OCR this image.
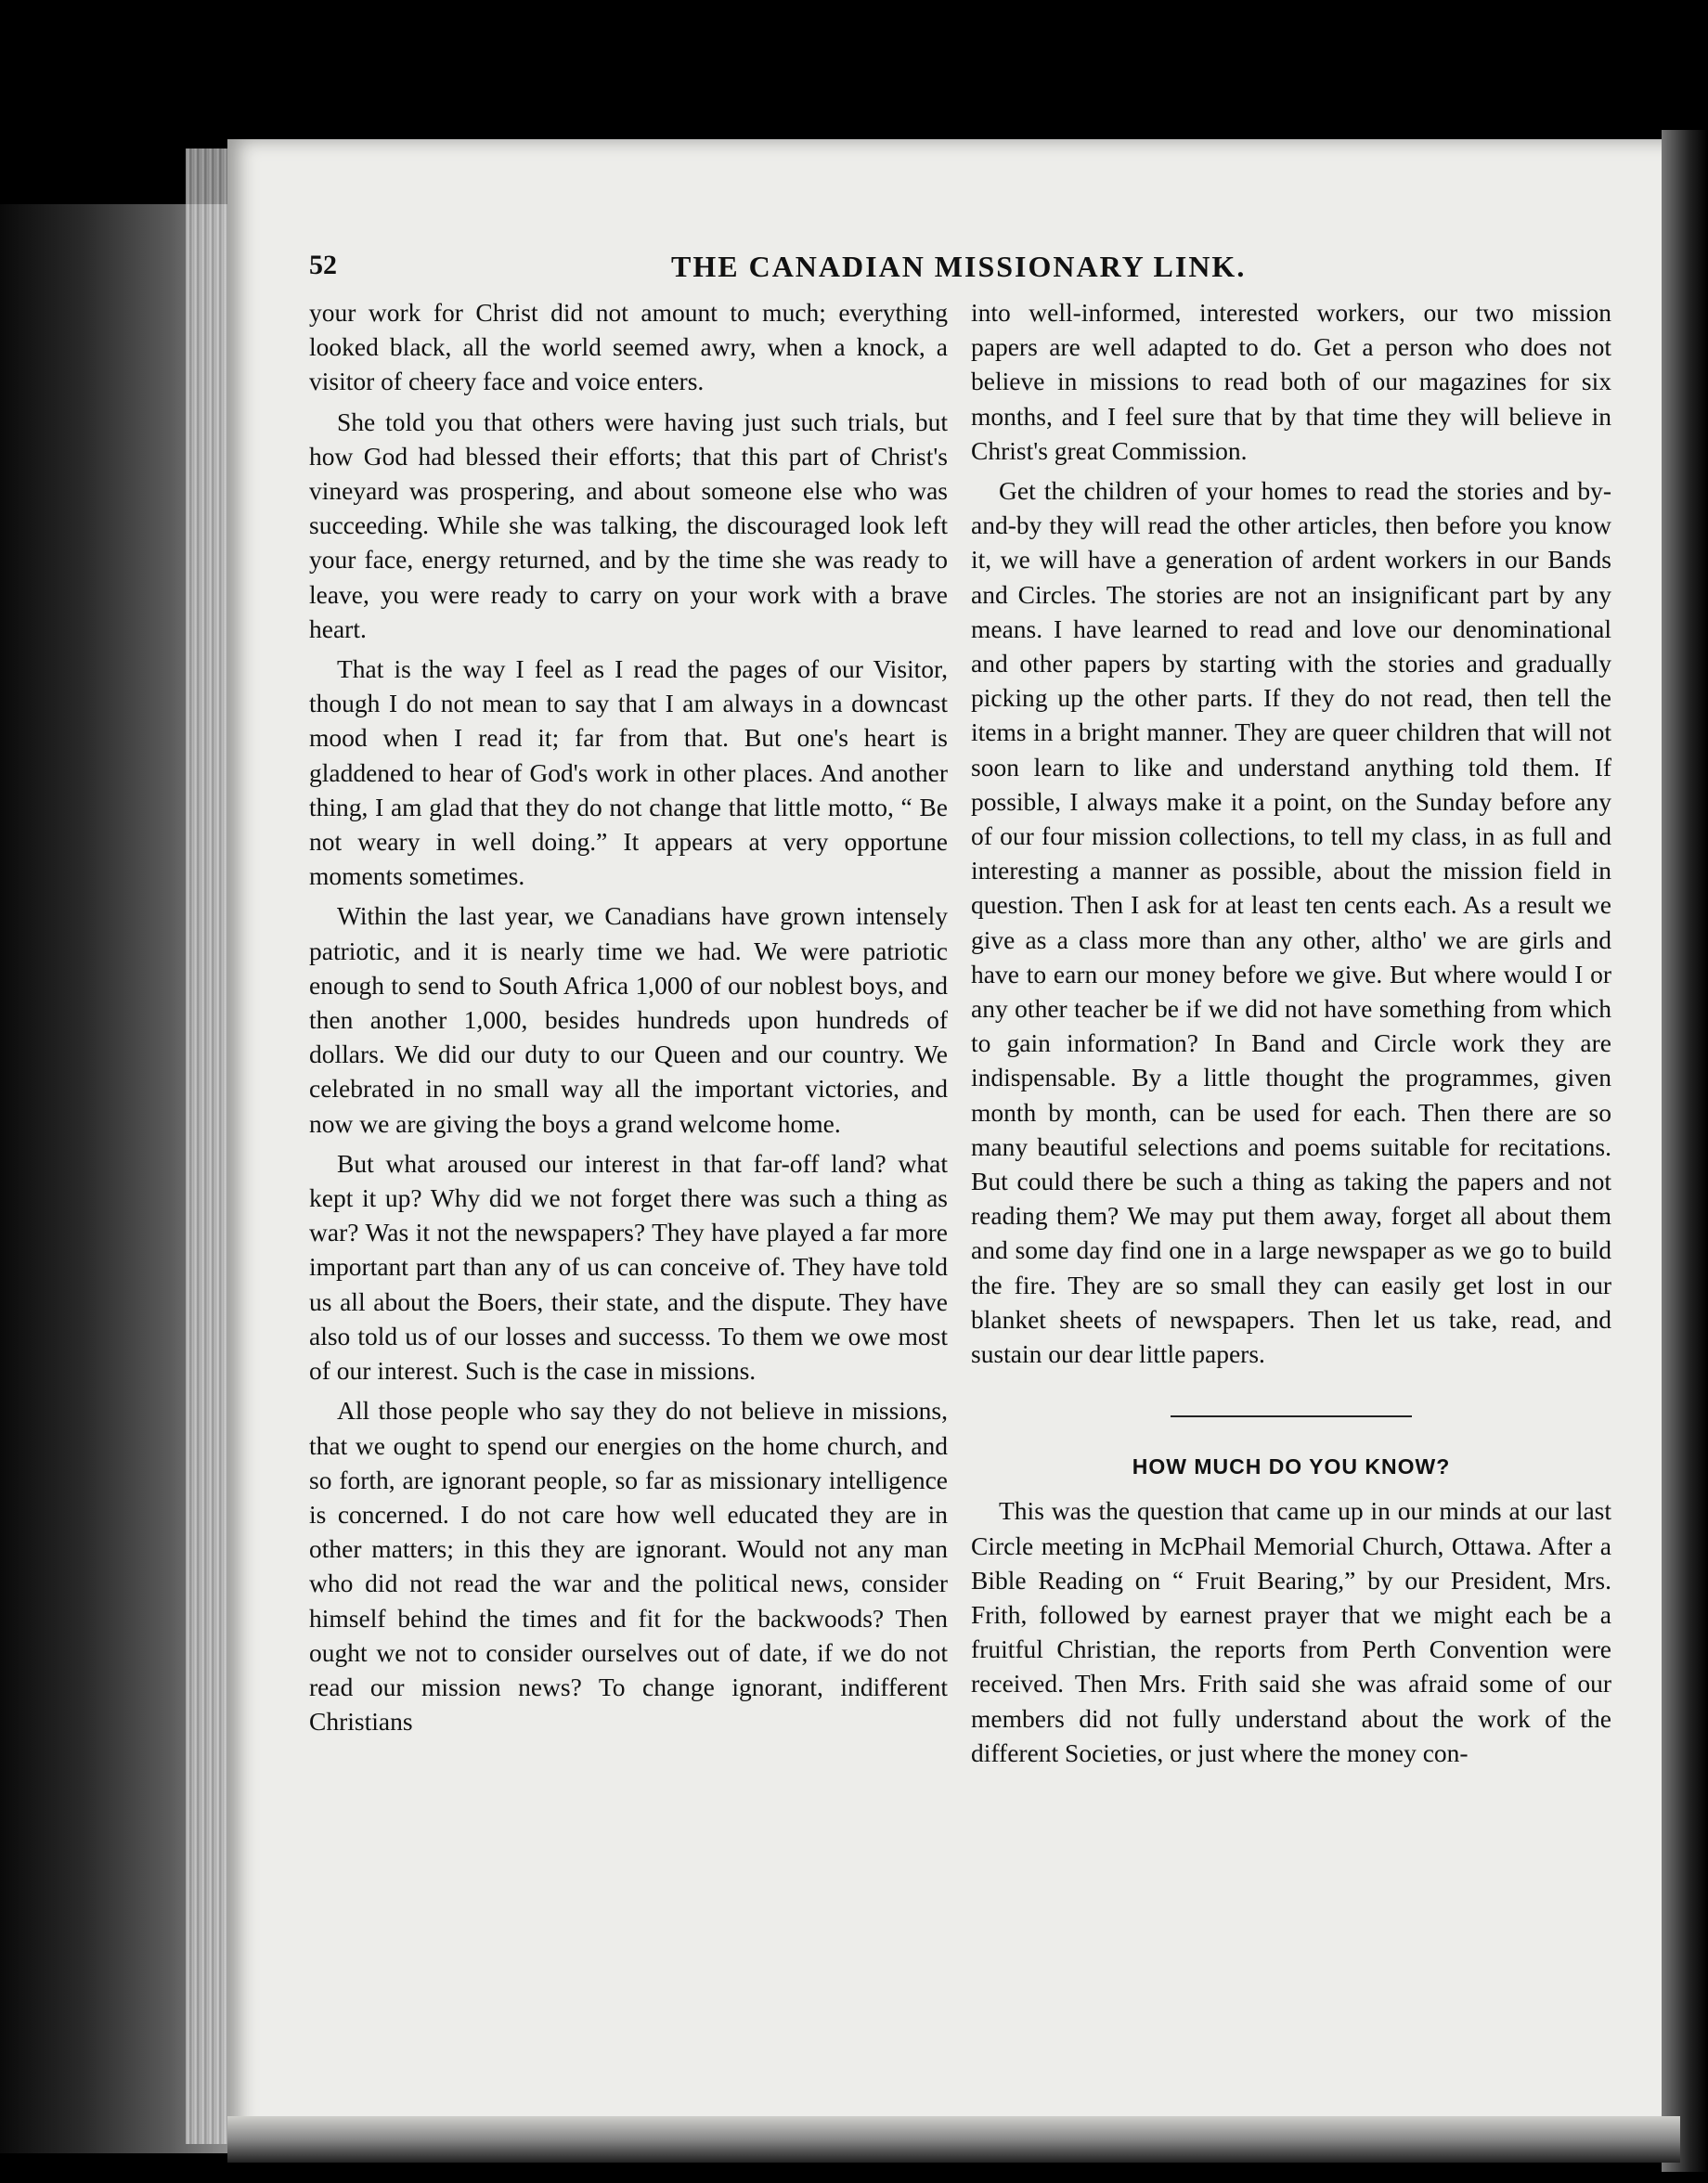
52	THE CANADIAN MISSIONARY LINK.

your work for Christ did not amount to much; everything looked black, all the world seemed awry, when a knock, a visitor of cheery face and voice enters.

She told you that others were having just such trials, but how God had blessed their efforts; that this part of Christ's vineyard was prospering, and about someone else who was succeeding. While she was talking, the discouraged look left your face, energy returned, and by the time she was ready to leave, you were ready to carry on your work with a brave heart.

That is the way I feel as I read the pages of our Visitor, though I do not mean to say that I am always in a downcast mood when I read it; far from that. But one's heart is gladdened to hear of God's work in other places. And another thing, I am glad that they do not change that little motto, “ Be not weary in well doing.” It appears at very opportune moments sometimes.

Within the last year, we Canadians have grown intensely patriotic, and it is nearly time we had. We were patriotic enough to send to South Africa 1,000 of our noblest boys, and then another 1,000, besides hundreds upon hundreds of dollars. We did our duty to our Queen and our country. We celebrated in no small way all the important victories, and now we are giving the boys a grand welcome home.

But what aroused our interest in that far-off land? what kept it up? Why did we not forget there was such a thing as war? Was it not the newspapers? They have played a far more important part than any of us can conceive of. They have told us all about the Boers, their state, and the dispute. They have also told us of our losses and successs. To them we owe most of our interest. Such is the case in missions.

All those people who say they do not believe in missions, that we ought to spend our energies on the home church, and so forth, are ignorant people, so far as missionary intelligence is concerned. I do not care how well educated they are in other matters; in this they are ignorant. Would not any man who did not read the war and the political news, consider himself behind the times and fit for the backwoods? Then ought we not to consider ourselves out of date, if we do not read our mission news? To change ignorant, indifferent Christians

into well-informed, interested workers, our two mission papers are well adapted to do. Get a person who does not believe in missions to read both of our magazines for six months, and I feel sure that by that time they will believe in Christ's great Commission.

Get the children of your homes to read the stories and by-and-by they will read the other articles, then before you know it, we will have a generation of ardent workers in our Bands and Circles. The stories are not an insignificant part by any means. I have learned to read and love our denominational and other papers by starting with the stories and gradually picking up the other parts. If they do not read, then tell the items in a bright manner. They are queer children that will not soon learn to like and understand anything told them. If possible, I always make it a point, on the Sunday before any of our four mission collections, to tell my class, in as full and interesting a manner as possible, about the mission field in question. Then I ask for at least ten cents each. As a result we give as a class more than any other, altho' we are girls and have to earn our money before we give. But where would I or any other teacher be if we did not have something from which to gain information? In Band and Circle work they are indispensable. By a little thought the programmes, given month by month, can be used for each. Then there are so many beautiful selections and poems suitable for recitations. But could there be such a thing as taking the papers and not reading them? We may put them away, forget all about them and some day find one in a large newspaper as we go to build the fire. They are so small they can easily get lost in our blanket sheets of newspapers. Then let us take, read, and sustain our dear little papers.

HOW MUCH DO YOU KNOW?

This was the question that came up in our minds at our last Circle meeting in McPhail Memorial Church, Ottawa. After a Bible Reading on “ Fruit Bearing,” by our President, Mrs. Frith, followed by earnest prayer that we might each be a fruitful Christian, the reports from Perth Convention were received. Then Mrs. Frith said she was afraid some of our members did not fully understand about the work of the different Societies, or just where the money con-
